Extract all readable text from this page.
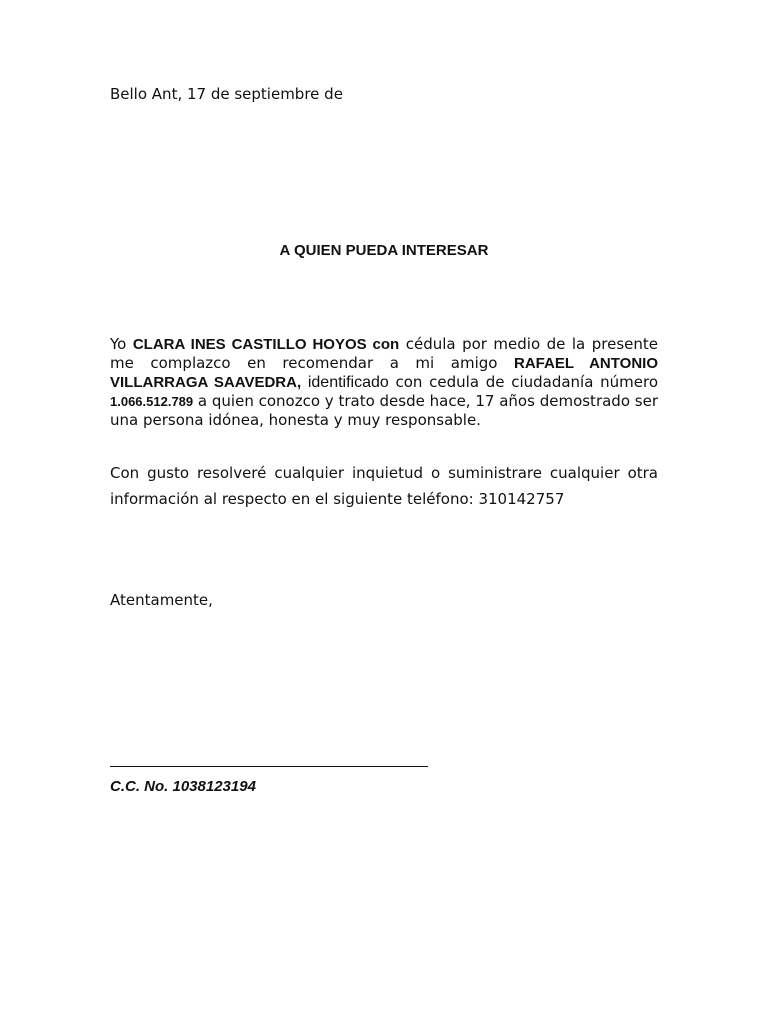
Bello Ant, 17 de septiembre de
A QUIEN PUEDA INTERESAR
Yo CLARA INES CASTILLO HOYOS con cédula por medio de la presente me complazco en recomendar a mi amigo RAFAEL ANTONIO VILLARRAGA SAAVEDRA, identificado con cedula de ciudadanía número 1.066.512.789 a quien conozco y trato desde hace, 17 años demostrado ser una persona idónea, honesta y muy responsable.
Con gusto resolveré cualquier inquietud o suministrare cualquier otra información al respecto en el siguiente teléfono: 310142757
Atentamente,
C.C. No. 1038123194
